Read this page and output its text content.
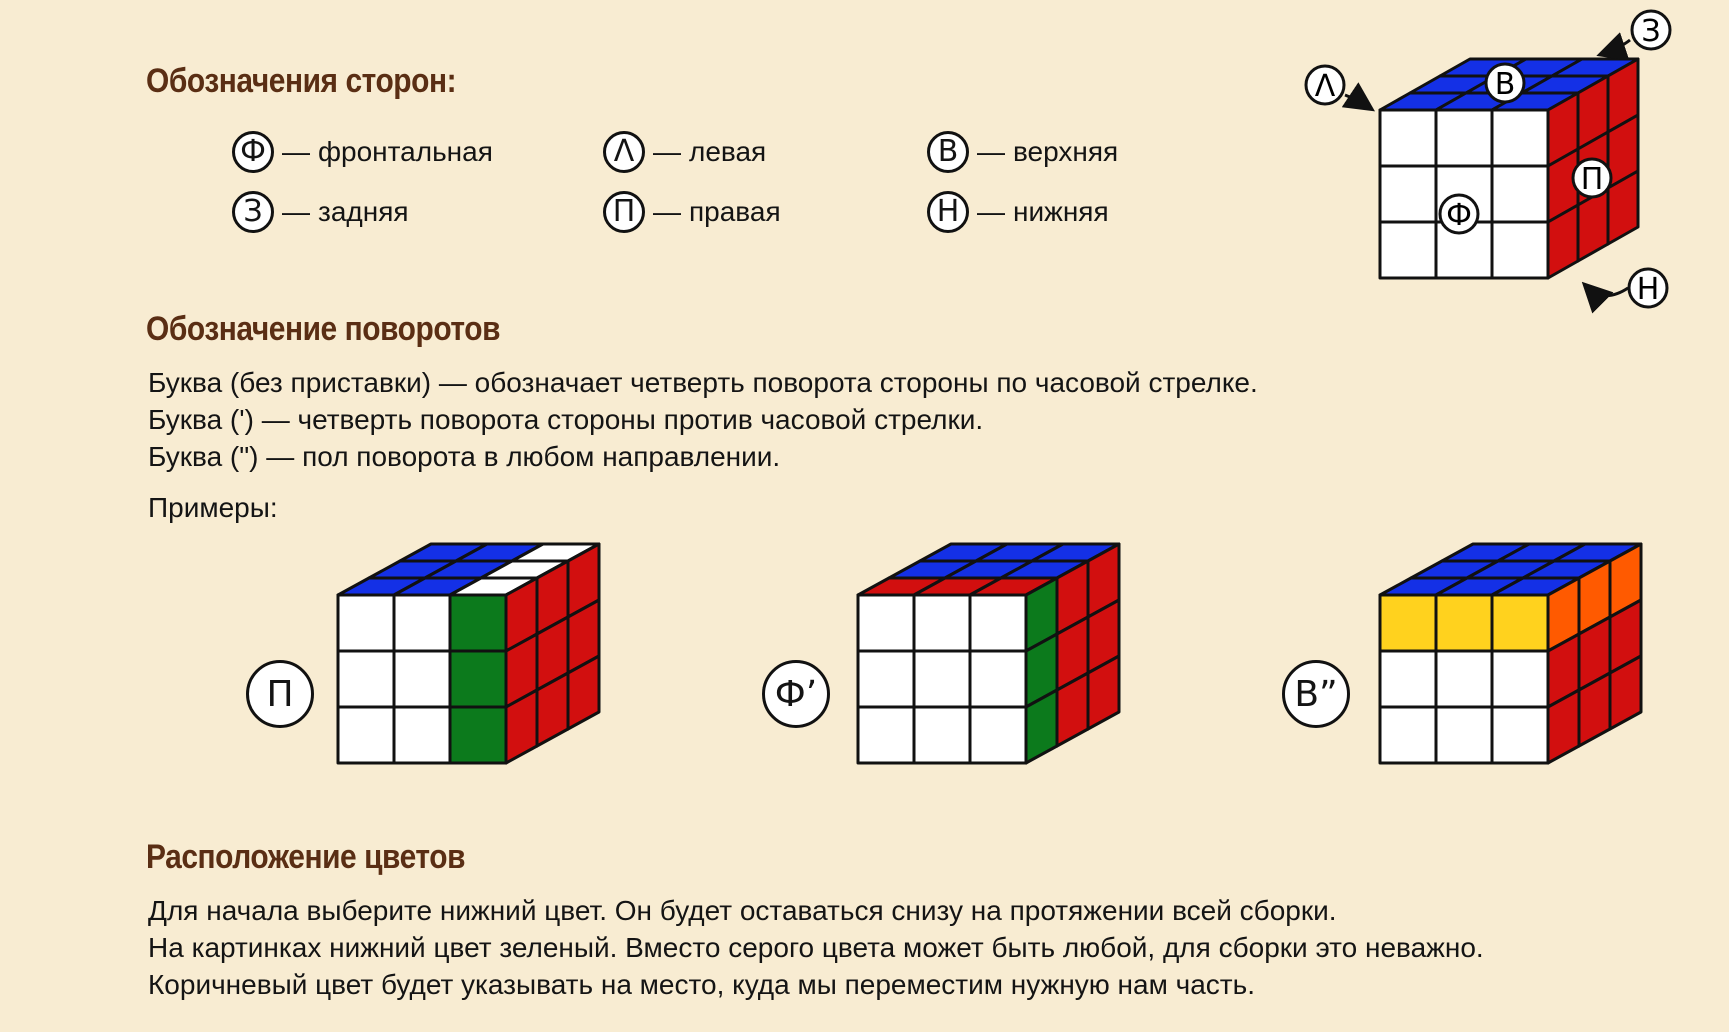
Обозначения сторон:
Ф — фронтальная	Λ — левая	В — верхняя
З — задняя	П — правая	Н — нижняя
Обозначение поворотов
Буква (без приставки) — обозначает четверть поворота стороны по часовой стрелке.
Буква (') — четверть поворота стороны против часовой стрелки.
Буква (") — пол поворота в любом направлении.
Примеры:
П	Ф’	В”
Расположение цветов
Для начала выберите нижний цвет. Он будет оставаться снизу на протяжении всей сборки.
На картинках нижний цвет зеленый. Вместо серого цвета может быть любой, для сборки это неважно.
Коричневый цвет будет указывать на место, куда мы переместим нужную нам часть.
З
Λ	В
П
Ф
Н
